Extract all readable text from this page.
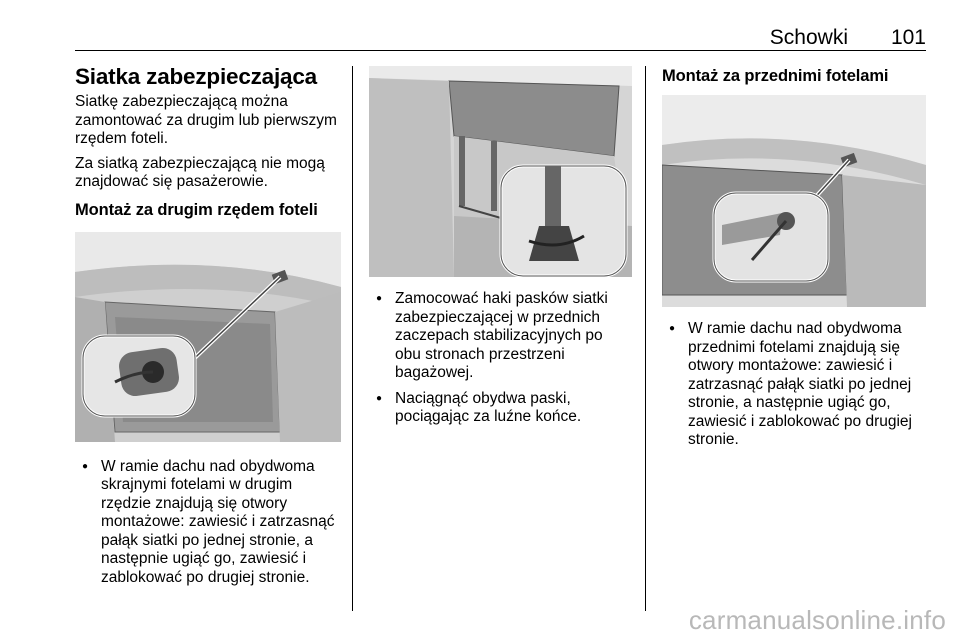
Schowki 101
Siatka zabezpieczająca

Siatkę zabezpieczającą można zamontować za drugim lub pierwszym rzędem foteli.

Za siatką zabezpieczającą nie mogą znajdować się pasażerowie.

Montaż za drugim rzędem foteli
● W ramie dachu nad obydwoma skrajnymi fotelami w drugim rzędzie znajdują się otwory montażowe: zawiesić i zatrzasnąć pałąk siatki po jednej stronie, a następnie ugiąć go, zawiesić i zablokować po drugiej stronie.
● Zamocować haki pasków siatki zabezpieczającej w przednich zaczepach stabilizacyjnych po obu stronach przestrzeni bagażowej.
● Naciągnąć obydwa paski, pociągając za luźne końce.
Montaż za przednimi fotelami
● W ramie dachu nad obydwoma przednimi fotelami znajdują się otwory montażowe: zawiesić i zatrzasnąć pałąk siatki po jednej stronie, a następnie ugiąć go, zawiesić i zablokować po drugiej stronie.
carmanualsonline.info
